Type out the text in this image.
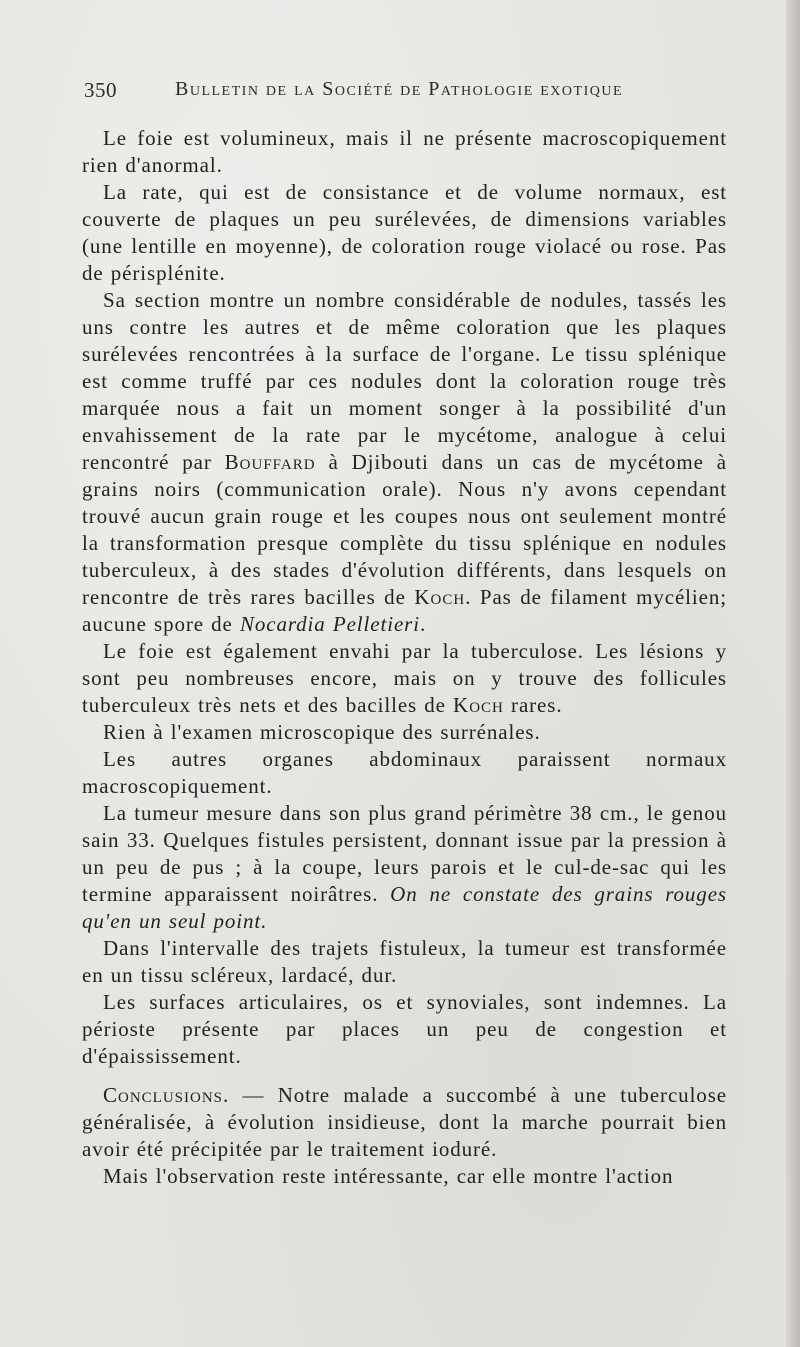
350	Bulletin de la Société de Pathologie exotique

Le foie est volumineux, mais il ne présente macroscopiquement rien d'anormal.

La rate, qui est de consistance et de volume normaux, est couverte de plaques un peu surélevées, de dimensions variables (une lentille en moyenne), de coloration rouge violacé ou rose. Pas de périsplénite.

Sa section montre un nombre considérable de nodules, tassés les uns contre les autres et de même coloration que les plaques surélevées rencontrées à la surface de l'organe. Le tissu splénique est comme truffé par ces nodules dont la coloration rouge très marquée nous a fait un moment songer à la possibilité d'un envahissement de la rate par le mycétome, analogue à celui rencontré par Bouffard à Djibouti dans un cas de mycétome à grains noirs (communication orale). Nous n'y avons cependant trouvé aucun grain rouge et les coupes nous ont seulement montré la transformation presque complète du tissu splénique en nodules tuberculeux, à des stades d'évolution différents, dans lesquels on rencontre de très rares bacilles de Koch. Pas de filament mycélien; aucune spore de Nocardia Pelletieri.

Le foie est également envahi par la tuberculose. Les lésions y sont peu nombreuses encore, mais on y trouve des follicules tuberculeux très nets et des bacilles de Koch rares.

Rien à l'examen microscopique des surrénales.

Les autres organes abdominaux paraissent normaux macroscopiquement.

La tumeur mesure dans son plus grand périmètre 38 cm., le genou sain 33. Quelques fistules persistent, donnant issue par la pression à un peu de pus ; à la coupe, leurs parois et le cul-de-sac qui les termine apparaissent noirâtres. On ne constate des grains rouges qu'en un seul point.

Dans l'intervalle des trajets fistuleux, la tumeur est transformée en un tissu scléreux, lardacé, dur.

Les surfaces articulaires, os et synoviales, sont indemnes. La périoste présente par places un peu de congestion et d'épaississement.

Conclusions. — Notre malade a succombé à une tuberculose généralisée, à évolution insidieuse, dont la marche pourrait bien avoir été précipitée par le traitement ioduré.

Mais l'observation reste intéressante, car elle montre l'action
